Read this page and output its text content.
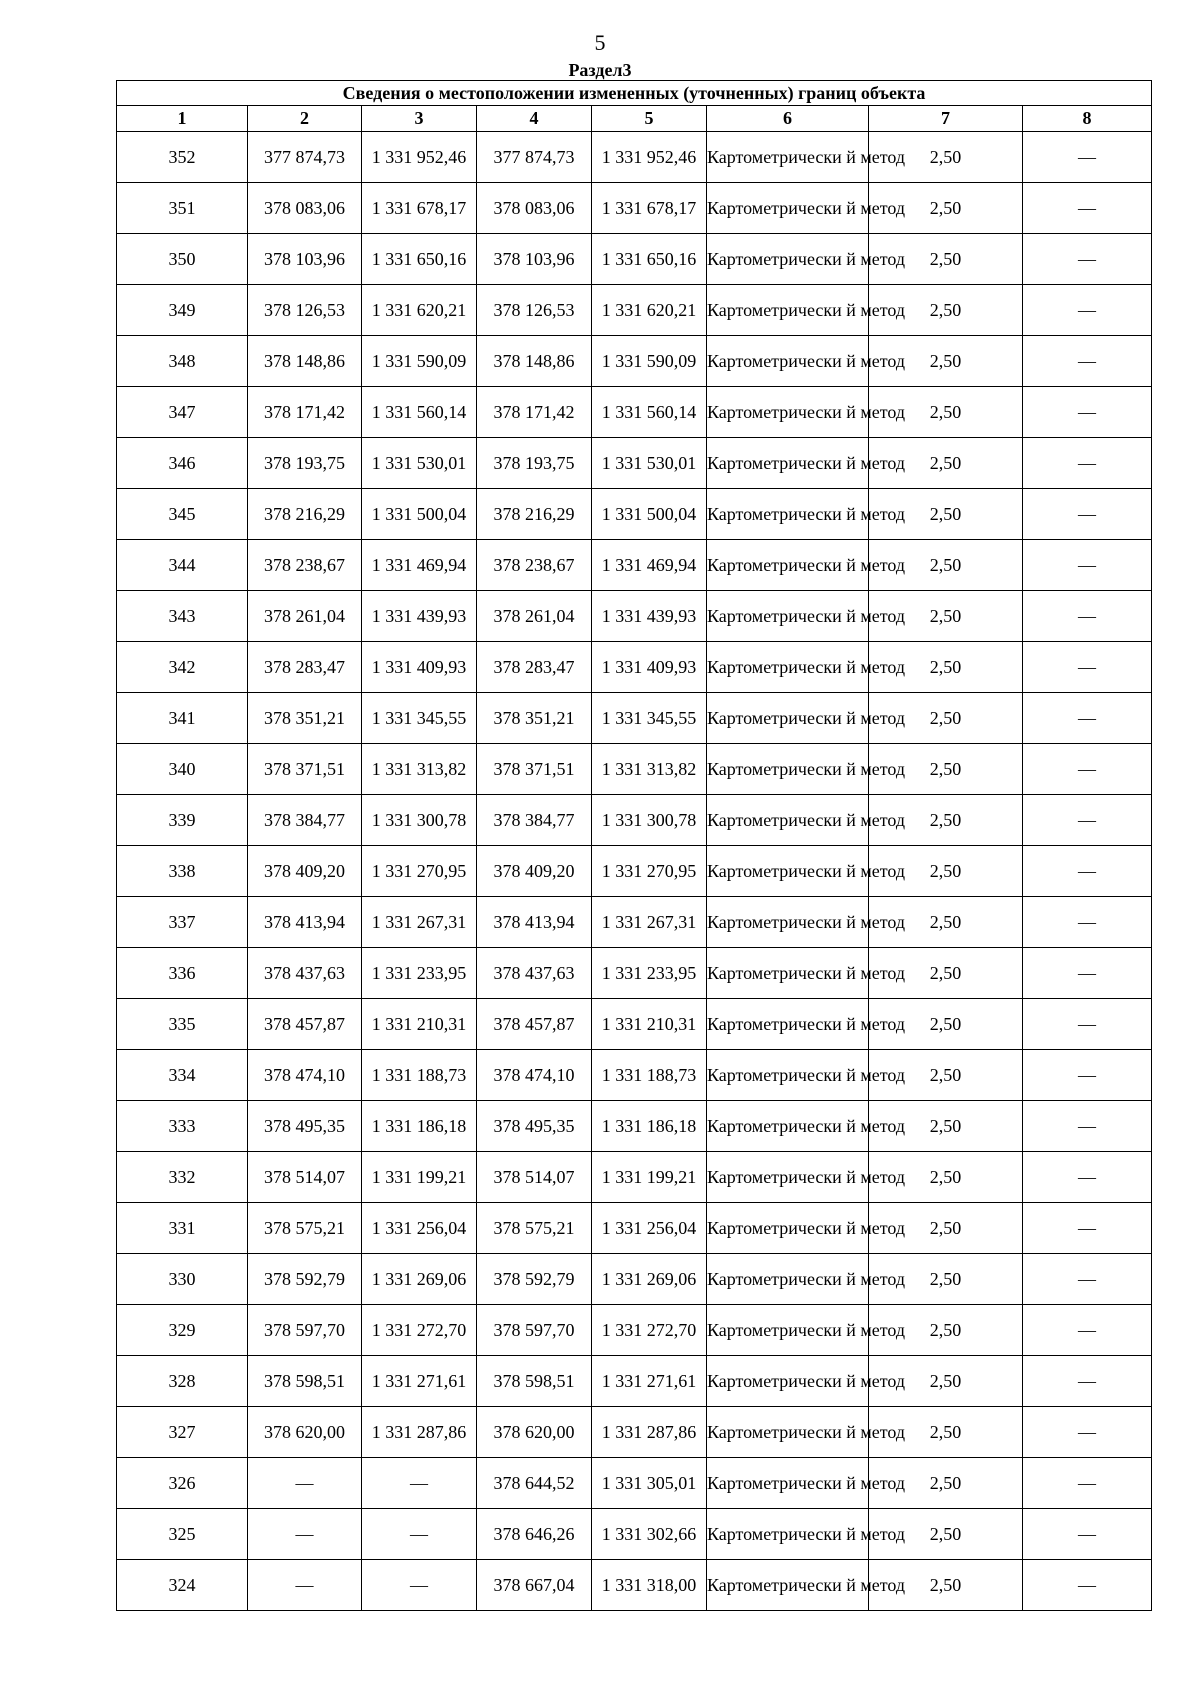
5
Раздел3
Сведения о местоположении измененных (уточненных) границ объекта							
1	2	3	4	5	6	7	8
352	377 874,73	1 331 952,46	377 874,73	1 331 952,46	Картометрически й метод	2,50	—
351	378 083,06	1 331 678,17	378 083,06	1 331 678,17	Картометрически й метод	2,50	—
350	378 103,96	1 331 650,16	378 103,96	1 331 650,16	Картометрически й метод	2,50	—
349	378 126,53	1 331 620,21	378 126,53	1 331 620,21	Картометрически й метод	2,50	—
348	378 148,86	1 331 590,09	378 148,86	1 331 590,09	Картометрически й метод	2,50	—
347	378 171,42	1 331 560,14	378 171,42	1 331 560,14	Картометрически й метод	2,50	—
346	378 193,75	1 331 530,01	378 193,75	1 331 530,01	Картометрически й метод	2,50	—
345	378 216,29	1 331 500,04	378 216,29	1 331 500,04	Картометрически й метод	2,50	—
344	378 238,67	1 331 469,94	378 238,67	1 331 469,94	Картометрически й метод	2,50	—
343	378 261,04	1 331 439,93	378 261,04	1 331 439,93	Картометрически й метод	2,50	—
342	378 283,47	1 331 409,93	378 283,47	1 331 409,93	Картометрически й метод	2,50	—
341	378 351,21	1 331 345,55	378 351,21	1 331 345,55	Картометрически й метод	2,50	—
340	378 371,51	1 331 313,82	378 371,51	1 331 313,82	Картометрически й метод	2,50	—
339	378 384,77	1 331 300,78	378 384,77	1 331 300,78	Картометрически й метод	2,50	—
338	378 409,20	1 331 270,95	378 409,20	1 331 270,95	Картометрически й метод	2,50	—
337	378 413,94	1 331 267,31	378 413,94	1 331 267,31	Картометрически й метод	2,50	—
336	378 437,63	1 331 233,95	378 437,63	1 331 233,95	Картометрически й метод	2,50	—
335	378 457,87	1 331 210,31	378 457,87	1 331 210,31	Картометрически й метод	2,50	—
334	378 474,10	1 331 188,73	378 474,10	1 331 188,73	Картометрически й метод	2,50	—
333	378 495,35	1 331 186,18	378 495,35	1 331 186,18	Картометрически й метод	2,50	—
332	378 514,07	1 331 199,21	378 514,07	1 331 199,21	Картометрически й метод	2,50	—
331	378 575,21	1 331 256,04	378 575,21	1 331 256,04	Картометрически й метод	2,50	—
330	378 592,79	1 331 269,06	378 592,79	1 331 269,06	Картометрически й метод	2,50	—
329	378 597,70	1 331 272,70	378 597,70	1 331 272,70	Картометрически й метод	2,50	—
328	378 598,51	1 331 271,61	378 598,51	1 331 271,61	Картометрически й метод	2,50	—
327	378 620,00	1 331 287,86	378 620,00	1 331 287,86	Картометрически й метод	2,50	—
326	—	—	378 644,52	1 331 305,01	Картометрически й метод	2,50	—
325	—	—	378 646,26	1 331 302,66	Картометрически й метод	2,50	—
324	—	—	378 667,04	1 331 318,00	Картометрически й метод	2,50	—
